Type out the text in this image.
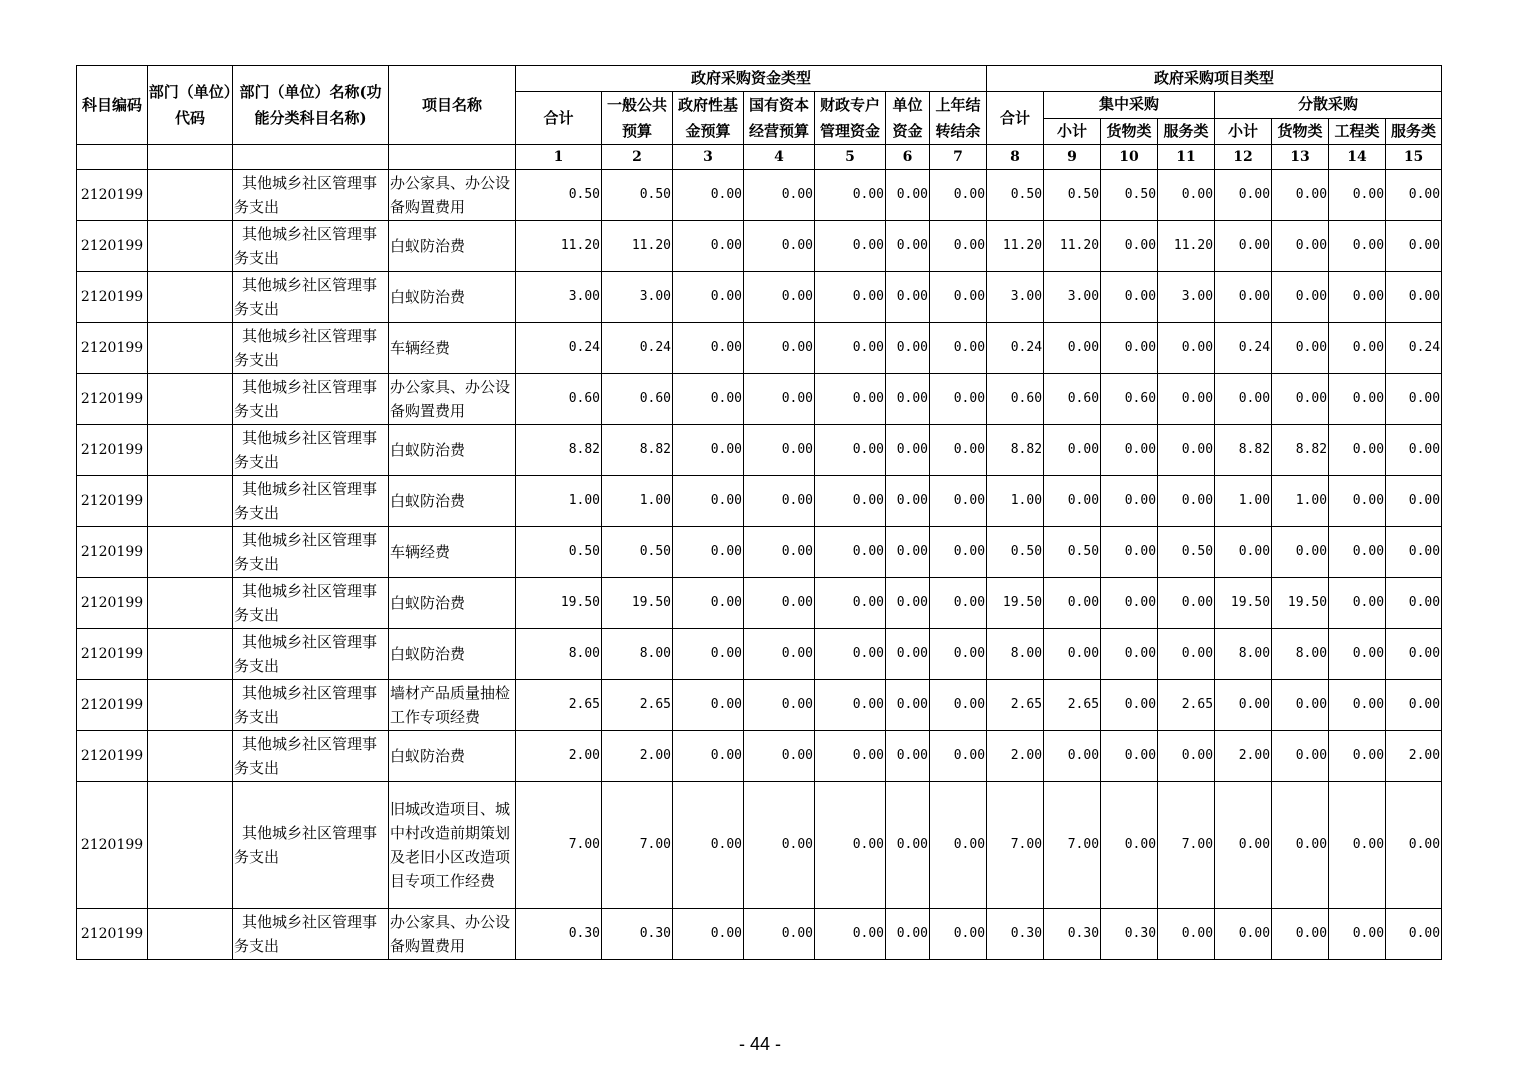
科目编码	部门（单位）代码	部门（单位）名称(功能分类科目名称)	项目名称	政府采购资金类型							政府采购项目类型							
				合计	一般公共预算	政府性基金预算	国有资本经营预算	财政专户管理资金	单位资金	上年结转结余	合计	集中采购			分散采购			
												小计	货物类	服务类	小计	货物类	工程类	服务类
				1	2	3	4	5	6	7	8	9	10	11	12	13	14	15
2120199		其他城乡社区管理事务支出	办公家具、办公设备购置费用	0.50	0.50	0.00	0.00	0.00	0.00	0.00	0.50	0.50	0.50	0.00	0.00	0.00	0.00	0.00
2120199		其他城乡社区管理事务支出	白蚁防治费	11.20	11.20	0.00	0.00	0.00	0.00	0.00	11.20	11.20	0.00	11.20	0.00	0.00	0.00	0.00
2120199		其他城乡社区管理事务支出	白蚁防治费	3.00	3.00	0.00	0.00	0.00	0.00	0.00	3.00	3.00	0.00	3.00	0.00	0.00	0.00	0.00
2120199		其他城乡社区管理事务支出	车辆经费	0.24	0.24	0.00	0.00	0.00	0.00	0.00	0.24	0.00	0.00	0.00	0.24	0.00	0.00	0.24
2120199		其他城乡社区管理事务支出	办公家具、办公设备购置费用	0.60	0.60	0.00	0.00	0.00	0.00	0.00	0.60	0.60	0.60	0.00	0.00	0.00	0.00	0.00
2120199		其他城乡社区管理事务支出	白蚁防治费	8.82	8.82	0.00	0.00	0.00	0.00	0.00	8.82	0.00	0.00	0.00	8.82	8.82	0.00	0.00
2120199		其他城乡社区管理事务支出	白蚁防治费	1.00	1.00	0.00	0.00	0.00	0.00	0.00	1.00	0.00	0.00	0.00	1.00	1.00	0.00	0.00
2120199		其他城乡社区管理事务支出	车辆经费	0.50	0.50	0.00	0.00	0.00	0.00	0.00	0.50	0.50	0.00	0.50	0.00	0.00	0.00	0.00
2120199		其他城乡社区管理事务支出	白蚁防治费	19.50	19.50	0.00	0.00	0.00	0.00	0.00	19.50	0.00	0.00	0.00	19.50	19.50	0.00	0.00
2120199		其他城乡社区管理事务支出	白蚁防治费	8.00	8.00	0.00	0.00	0.00	0.00	0.00	8.00	0.00	0.00	0.00	8.00	8.00	0.00	0.00
2120199		其他城乡社区管理事务支出	墙材产品质量抽检工作专项经费	2.65	2.65	0.00	0.00	0.00	0.00	0.00	2.65	2.65	0.00	2.65	0.00	0.00	0.00	0.00
2120199		其他城乡社区管理事务支出	白蚁防治费	2.00	2.00	0.00	0.00	0.00	0.00	0.00	2.00	0.00	0.00	0.00	2.00	0.00	0.00	2.00
2120199		其他城乡社区管理事务支出	旧城改造项目、城中村改造前期策划及老旧小区改造项目专项工作经费	7.00	7.00	0.00	0.00	0.00	0.00	0.00	7.00	7.00	0.00	7.00	0.00	0.00	0.00	0.00
2120199		其他城乡社区管理事务支出	办公家具、办公设备购置费用	0.30	0.30	0.00	0.00	0.00	0.00	0.00	0.30	0.30	0.30	0.00	0.00	0.00	0.00	0.00
- 44 -
